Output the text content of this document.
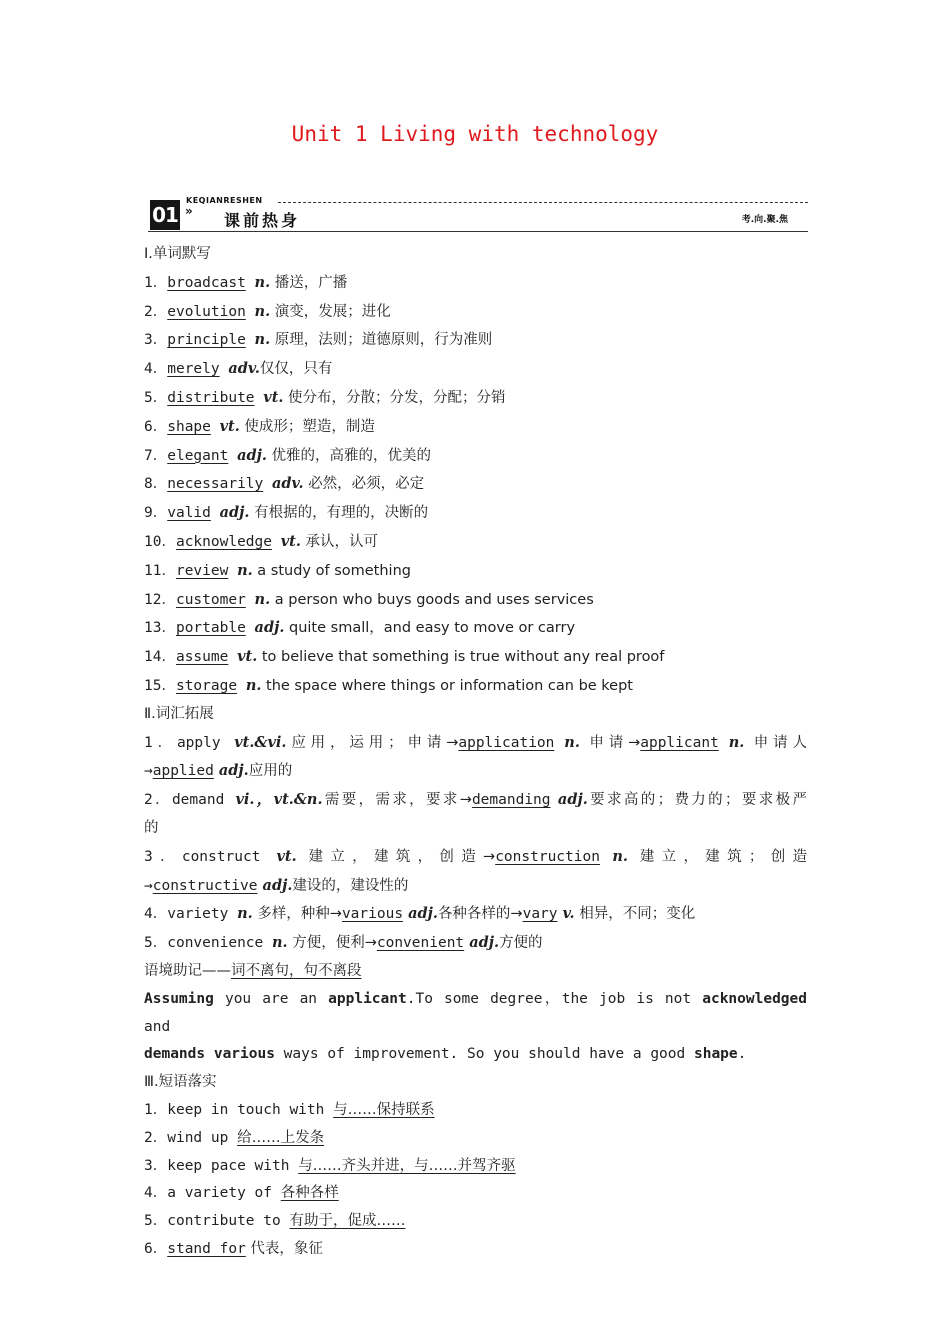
Unit 1 Living with technology
KEQIANRESHEN
01 » 课前热身	考.向.聚.焦
Ⅰ.单词默写
1．broadcast n. 播送，广播
2．evolution n. 演变，发展；进化
3．principle n. 原理，法则；道德原则，行为准则
4．merely adv.仅仅，只有
5．distribute vt. 使分布，分散；分发，分配；分销
6．shape vt. 使成形；塑造，制造
7．elegant adj. 优雅的，高雅的，优美的
8．necessarily adv. 必然，必须，必定
9．valid adj. 有根据的，有理的，决断的
10．acknowledge vt. 承认，认可
11．review n. a study of something
12．customer n. a person who buys goods and uses services
13．portable adj. quite small，and easy to move or carry
14．assume vt. to believe that something is true without any real proof
15．storage n. the space where things or information can be kept
Ⅱ.词汇拓展
1．apply vt.&vi.应用，运用；申请→application n. 申请→applicant n. 申请人
→applied adj.应用的
2．demand vi.，vt.&n.需要，需求，要求→demanding adj.要求高的；费力的；要求极严
的
3．construct vt. 建立，建筑，创造→construction n. 建立，建筑；创造
→constructive adj.建设的，建设性的
4．variety n. 多样，种种→various adj.各种各样的→vary v. 相异，不同；变化
5．convenience n. 方便，便利→convenient adj.方便的
语境助记——词不离句，句不离段
Assuming you are an applicant.To some degree，the job is not acknowledged and
demands various ways of improvement. So you should have a good shape.
Ⅲ.短语落实
1．keep in touch with 与……保持联系
2．wind up 给……上发条
3．keep pace with 与……齐头并进，与……并驾齐驱
4．a variety of 各种各样
5．contribute to 有助于，促成……
6．stand for 代表，象征
